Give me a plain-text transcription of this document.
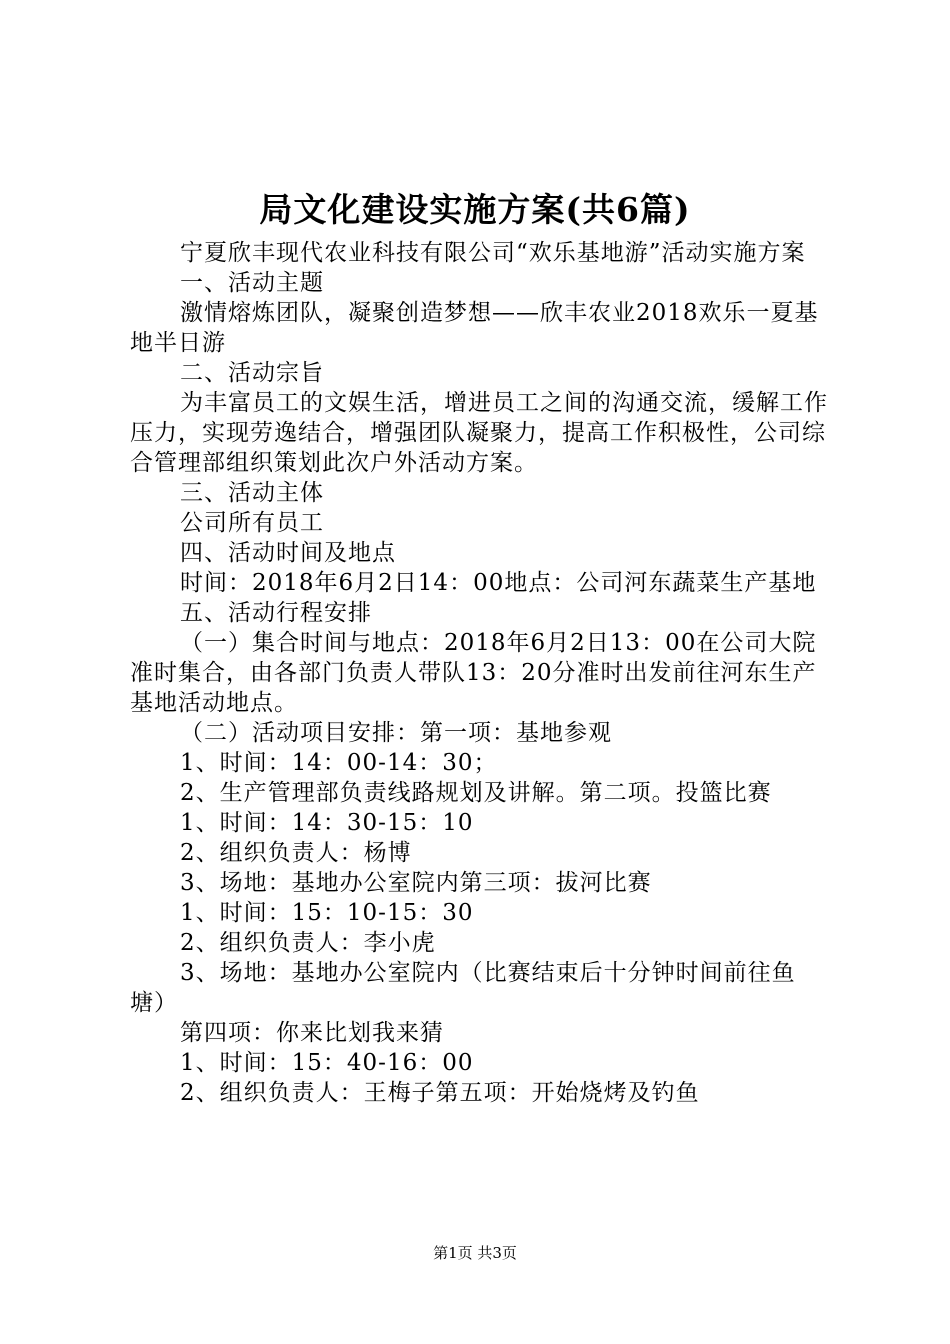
局文化建设实施方案(共6篇)

宁夏欣丰现代农业科技有限公司“欢乐基地游”活动实施方案

一、活动主题

激情熔炼团队，凝聚创造梦想——欣丰农业2018欢乐一夏基地半日游

二、活动宗旨

为丰富员工的文娱生活，增进员工之间的沟通交流，缓解工作压力，实现劳逸结合，增强团队凝聚力，提高工作积极性，公司综合管理部组织策划此次户外活动方案。

三、活动主体

公司所有员工

四、活动时间及地点

时间：2018年6月2日14：00地点：公司河东蔬菜生产基地

五、活动行程安排

（一）集合时间与地点：2018年6月2日13：00在公司大院准时集合，由各部门负责人带队13：20分准时出发前往河东生产基地活动地点。

（二）活动项目安排：第一项：基地参观

1、时间：14：00-14：30；

2、生产管理部负责线路规划及讲解。第二项。投篮比赛

1、时间：14：30-15：10

2、组织负责人：杨博

3、场地：基地办公室院内第三项：拔河比赛

1、时间：15：10-15：30

2、组织负责人：李小虎

3、场地：基地办公室院内（比赛结束后十分钟时间前往鱼塘）

第四项：你来比划我来猜

1、时间：15：40-16：00

2、组织负责人：王梅子第五项：开始烧烤及钓鱼

第1页 共3页
